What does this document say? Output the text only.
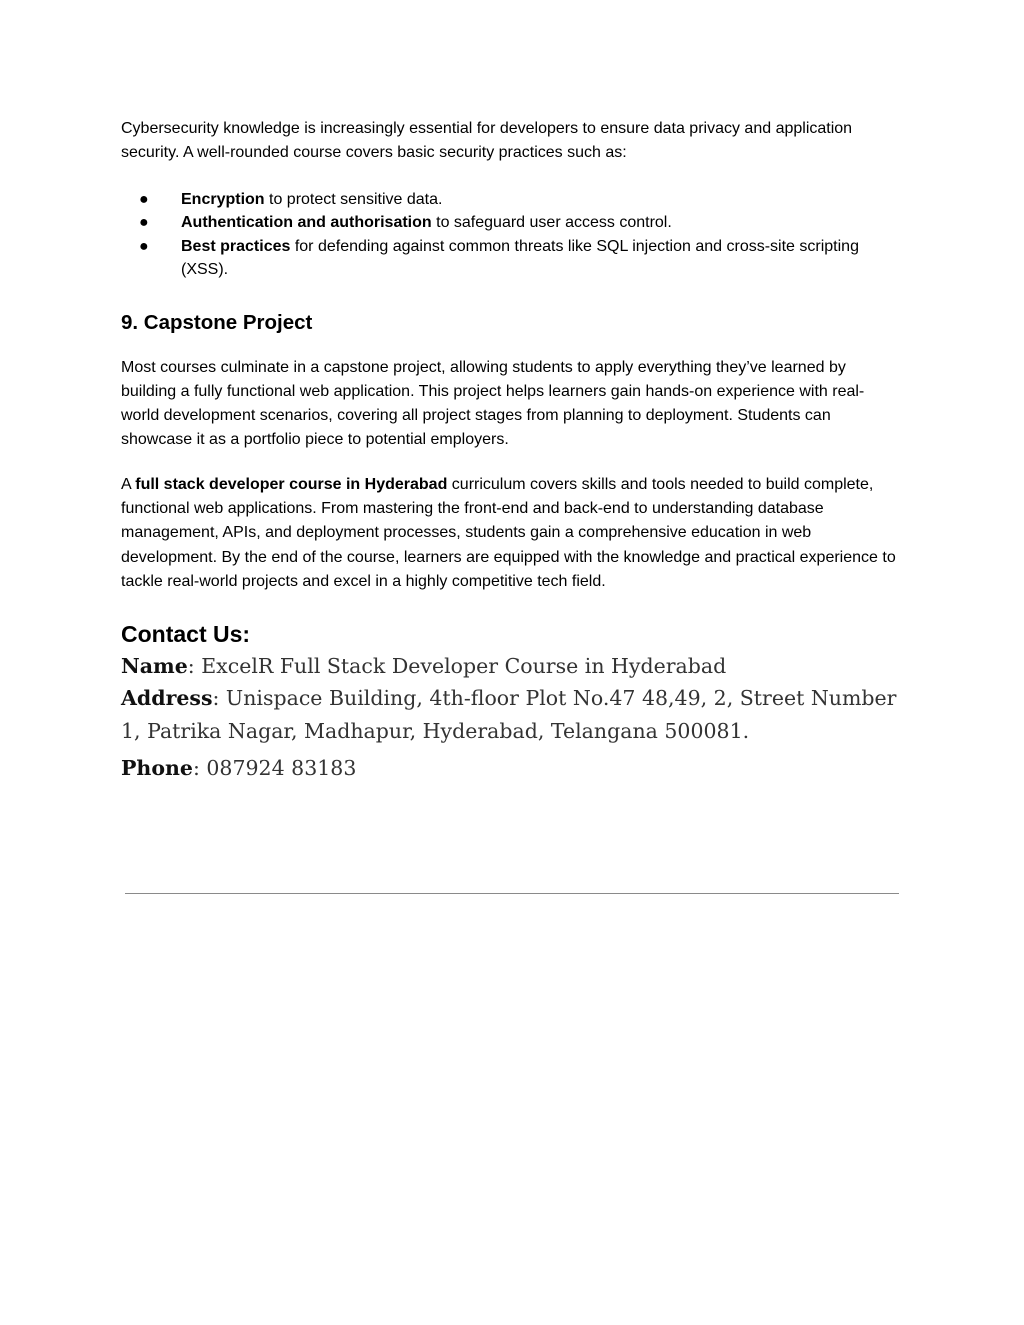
Cybersecurity knowledge is increasingly essential for developers to ensure data privacy and application security. A well-rounded course covers basic security practices such as:

● Encryption to protect sensitive data.
● Authentication and authorisation to safeguard user access control.
● Best practices for defending against common threats like SQL injection and cross-site scripting (XSS).
9. Capstone Project

Most courses culminate in a capstone project, allowing students to apply everything they’ve learned by building a fully functional web application. This project helps learners gain hands-on experience with real-world development scenarios, covering all project stages from planning to deployment. Students can showcase it as a portfolio piece to potential employers.

A full stack developer course in Hyderabad curriculum covers skills and tools needed to build complete, functional web applications. From mastering the front-end and back-end to understanding database management, APIs, and deployment processes, students gain a comprehensive education in web development. By the end of the course, learners are equipped with the knowledge and practical experience to tackle real-world projects and excel in a highly competitive tech field.

Contact Us:
Name: ExcelR Full Stack Developer Course in Hyderabad
Address: Unispace Building, 4th-floor Plot No.47 48,49, 2, Street Number 1, Patrika Nagar, Madhapur, Hyderabad, Telangana 500081.
Phone: 087924 83183
